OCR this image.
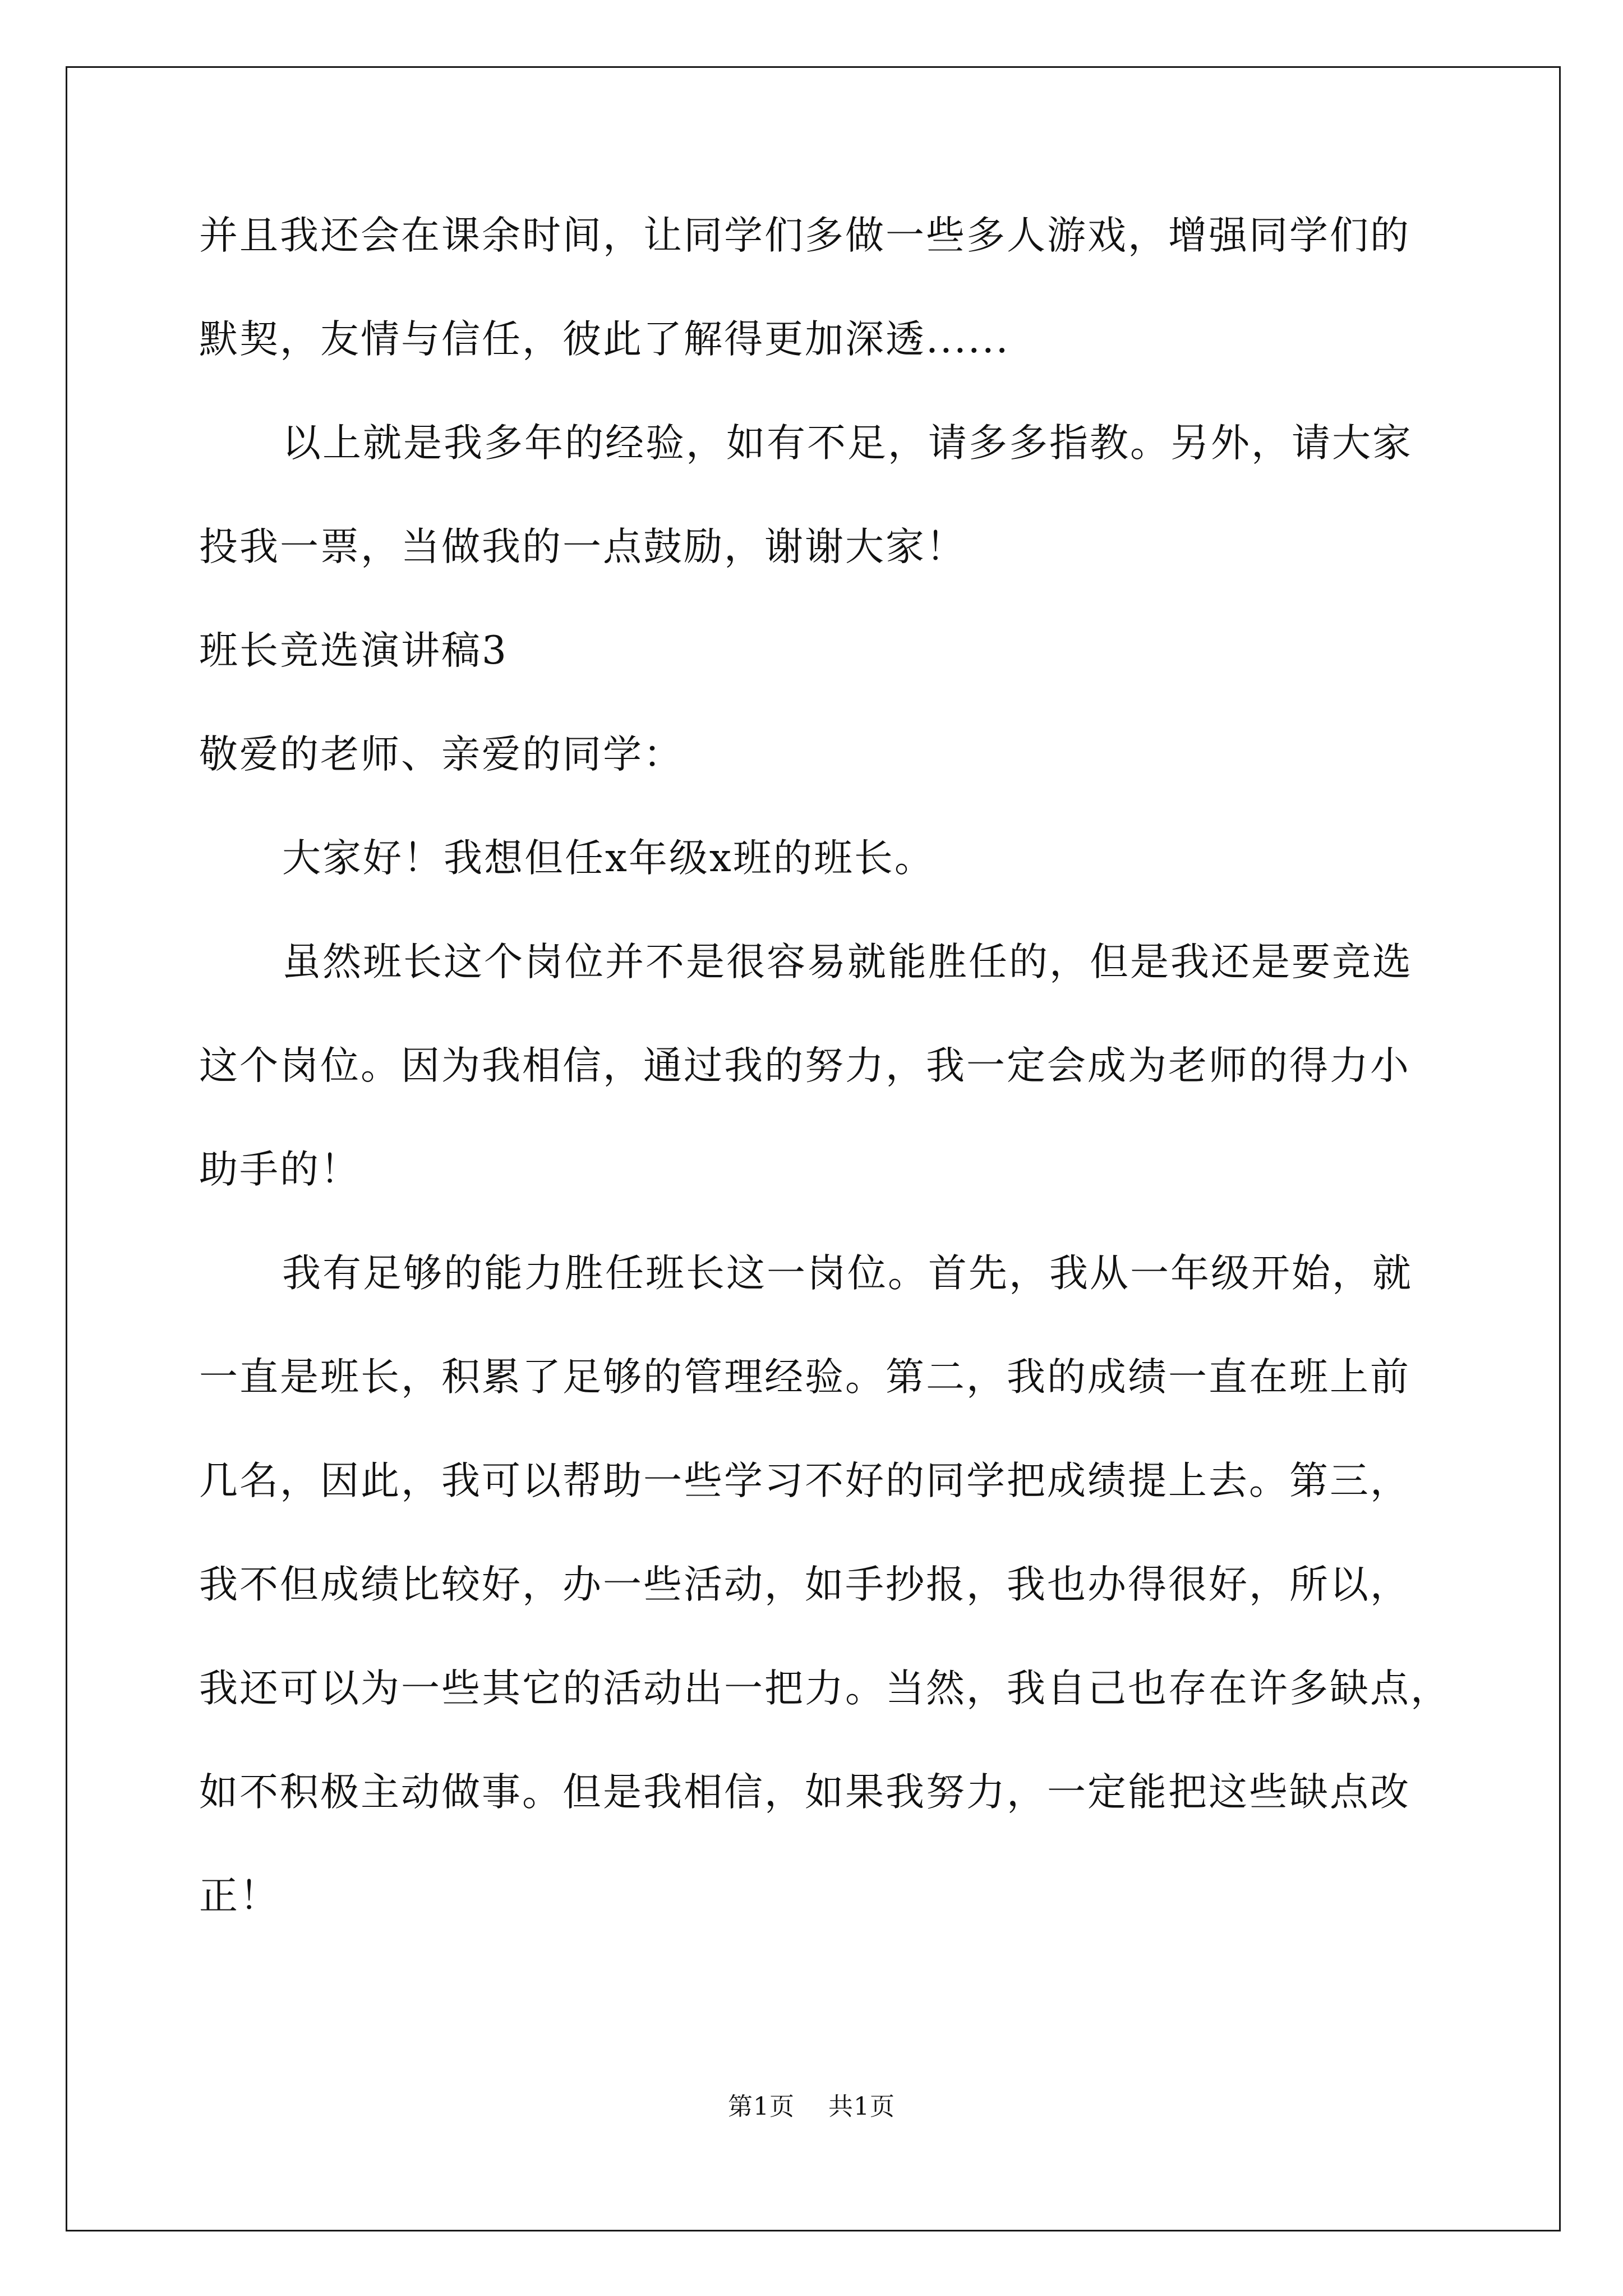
并且我还会在课余时间，让同学们多做一些多人游戏，增强同学们的
默契，友情与信任，彼此了解得更加深透......
以上就是我多年的经验，如有不足，请多多指教。另外，请大家
投我一票，当做我的一点鼓励，谢谢大家！
班长竞选演讲稿3
敬爱的老师、亲爱的同学：
大家好！我想但任x年级x班的班长。
虽然班长这个岗位并不是很容易就能胜任的，但是我还是要竞选
这个岗位。因为我相信，通过我的努力，我一定会成为老师的得力小
助手的！
我有足够的能力胜任班长这一岗位。首先，我从一年级开始，就
一直是班长，积累了足够的管理经验。第二，我的成绩一直在班上前
几名，因此，我可以帮助一些学习不好的同学把成绩提上去。第三，
我不但成绩比较好，办一些活动，如手抄报，我也办得很好，所以，
我还可以为一些其它的活动出一把力。当然，我自己也存在许多缺点，
如不积极主动做事。但是我相信，如果我努力，一定能把这些缺点改
正！
第1页 共1页
